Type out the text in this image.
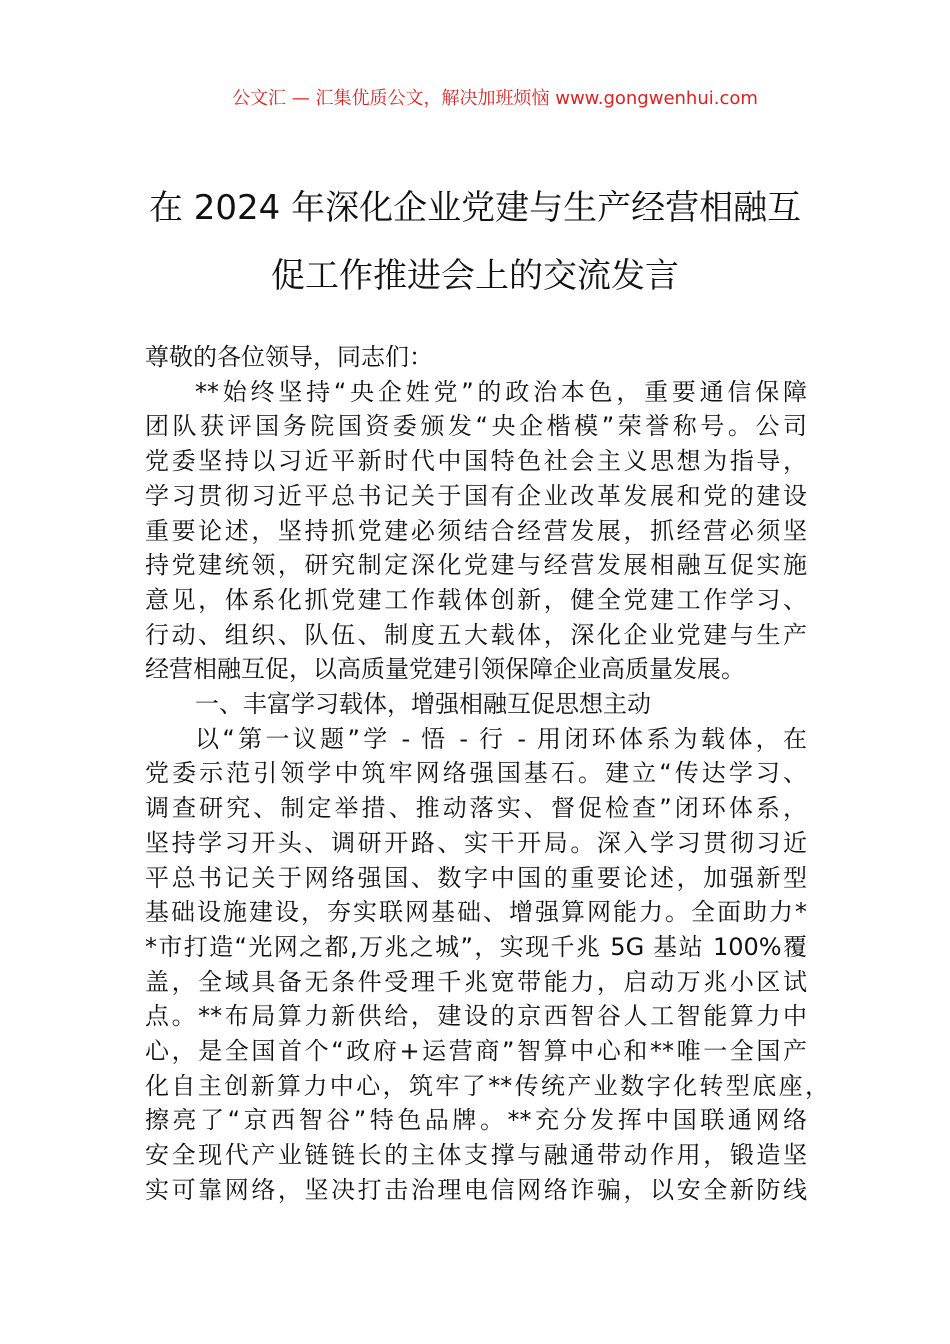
公文汇 — 汇集优质公文，解决加班烦恼 www.gongwenhui.com
在 2024 年深化企业党建与生产经营相融互
促工作推进会上的交流发言
尊敬的各位领导，同志们：
**始终坚持“央企姓党”的政治本色，重要通信保障
团队获评国务院国资委颁发“央企楷模”荣誉称号。公司
党委坚持以习近平新时代中国特色社会主义思想为指导，
学习贯彻习近平总书记关于国有企业改革发展和党的建设
重要论述，坚持抓党建必须结合经营发展，抓经营必须坚
持党建统领，研究制定深化党建与经营发展相融互促实施
意见，体系化抓党建工作载体创新，健全党建工作学习、
行动、组织、队伍、制度五大载体，深化企业党建与生产
经营相融互促，以高质量党建引领保障企业高质量发展。
一、丰富学习载体，增强相融互促思想主动
以“第一议题”学 - 悟 - 行 - 用闭环体系为载体，在
党委示范引领学中筑牢网络强国基石。建立“传达学习、
调查研究、制定举措、推动落实、督促检查”闭环体系，
坚持学习开头、调研开路、实干开局。深入学习贯彻习近
平总书记关于网络强国、数字中国的重要论述，加强新型
基础设施建设，夯实联网基础、增强算网能力。全面助力*
*市打造“光网之都,万兆之城”，实现千兆 5G 基站 100%覆
盖，全域具备无条件受理千兆宽带能力，启动万兆小区试
点。**布局算力新供给，建设的京西智谷人工智能算力中
心，是全国首个“政府+运营商”智算中心和**唯一全国产
化自主创新算力中心，筑牢了**传统产业数字化转型底座，
擦亮了“京西智谷”特色品牌。**充分发挥中国联通网络
安全现代产业链链长的主体支撑与融通带动作用，锻造坚
实可靠网络，坚决打击治理电信网络诈骗，以安全新防线
